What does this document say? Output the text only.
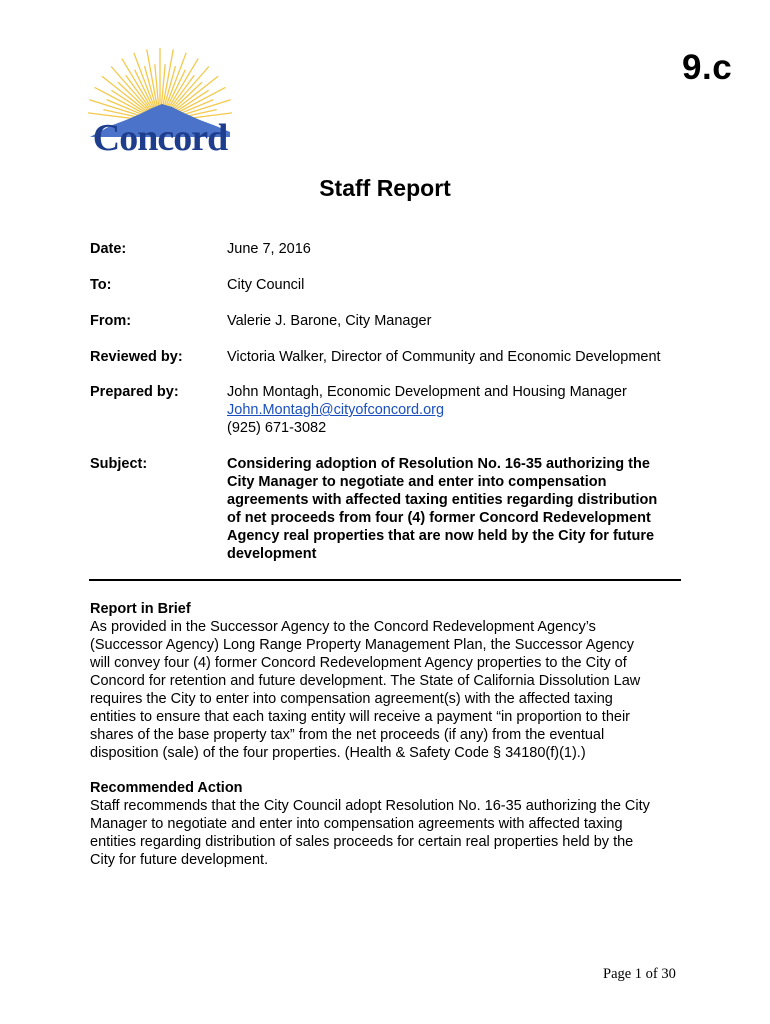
9.c
Concord
Staff Report
Date:	June 7, 2016
To:	City Council
From:	Valerie J. Barone, City Manager
Reviewed by:	Victoria Walker, Director of Community and Economic Development
Prepared by:	John Montagh, Economic Development and Housing Manager
John.Montagh@cityofconcord.org
(925) 671-3082
Subject:	Considering adoption of Resolution No. 16-35 authorizing the
City Manager to negotiate and enter into compensation
agreements with affected taxing entities regarding distribution
of net proceeds from four (4) former Concord Redevelopment
Agency real properties that are now held by the City for future
development
Report in Brief

As provided in the Successor Agency to the Concord Redevelopment Agency’s

(Successor Agency) Long Range Property Management Plan, the Successor Agency

will convey four (4) former Concord Redevelopment Agency properties to the City of

Concord for retention and future development. The State of California Dissolution Law

requires the City to enter into compensation agreement(s) with the affected taxing

entities to ensure that each taxing entity will receive a payment “in proportion to their

shares of the base property tax” from the net proceeds (if any) from the eventual

disposition (sale) of the four properties. (Health & Safety Code § 34180(f)(1).)

Recommended Action

Staff recommends that the City Council adopt Resolution No. 16-35 authorizing the City

Manager to negotiate and enter into compensation agreements with affected taxing

entities regarding distribution of sales proceeds for certain real properties held by the

City for future development.

Page 1 of 30
